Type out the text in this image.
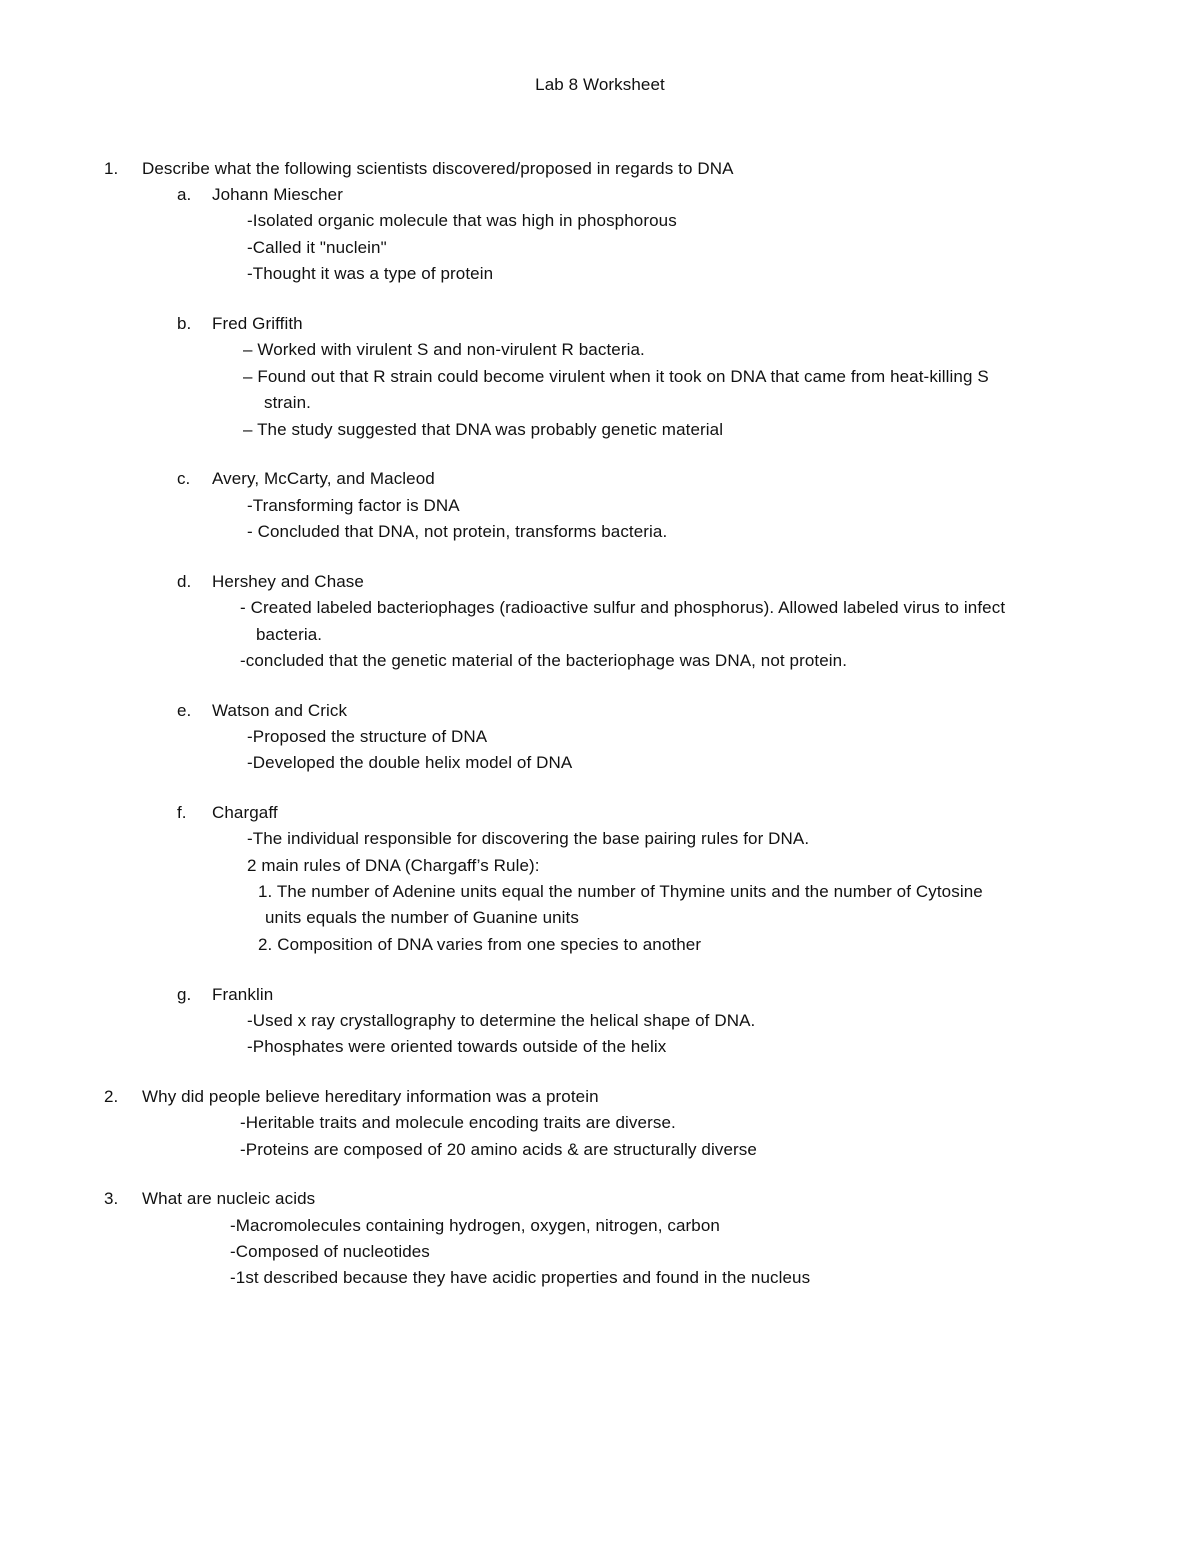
Lab 8 Worksheet
1. Describe what the following scientists discovered/proposed in regards to DNA
a. Johann Miescher
-Isolated organic molecule that was high in phosphorous
-Called it "nuclein"
-Thought it was a type of protein
b. Fred Griffith
– Worked with virulent S and non-virulent R bacteria.
– Found out that R strain could become virulent when it took on DNA that came from heat-killing S
strain.
– The study suggested that DNA was probably genetic material
c. Avery, McCarty, and Macleod
-Transforming factor is DNA
- Concluded that DNA, not protein, transforms bacteria.
d. Hershey and Chase
- Created labeled bacteriophages (radioactive sulfur and phosphorus). Allowed labeled virus to infect
bacteria.
-concluded that the genetic material of the bacteriophage was DNA, not protein.
e. Watson and Crick
-Proposed the structure of DNA
-Developed the double helix model of DNA
f. Chargaff
-The individual responsible for discovering the base pairing rules for DNA.
2 main rules of DNA (Chargaff’s Rule):
1. The number of Adenine units equal the number of Thymine units and the number of Cytosine
units equals the number of Guanine units
2. Composition of DNA varies from one species to another
g. Franklin
-Used x ray crystallography to determine the helical shape of DNA.
-Phosphates were oriented towards outside of the helix
2. Why did people believe hereditary information was a protein
-Heritable traits and molecule encoding traits are diverse.
-Proteins are composed of 20 amino acids & are structurally diverse
3. What are nucleic acids
-Macromolecules containing hydrogen, oxygen, nitrogen, carbon
-Composed of nucleotides
-1st described because they have acidic properties and found in the nucleus
